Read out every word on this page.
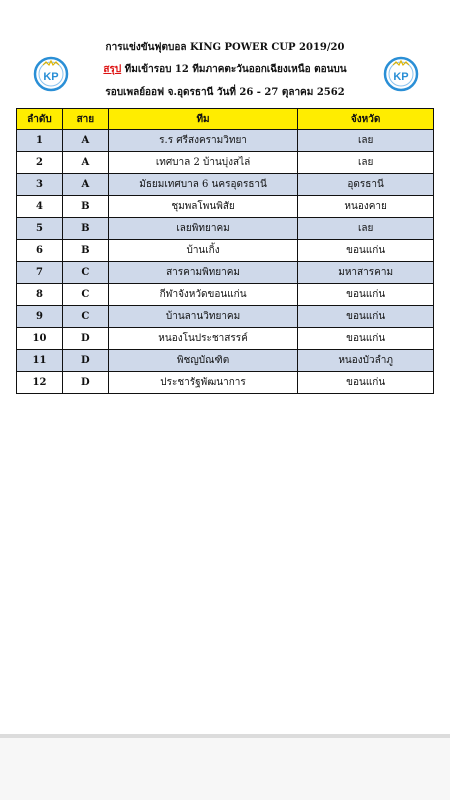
KP	KP
การแข่งขันฟุตบอล KING POWER CUP 2019/20
สรุป ทีมเข้ารอบ 12 ทีมภาคตะวันออกเฉียงเหนือ ตอนบน
รอบเพลย์ออฟ จ.อุดรธานี วันที่ 26 - 27 ตุลาคม 2562
ลำดับ	สาย	ทีม	จังหวัด
1	A	ร.ร ศรีสงครามวิทยา	เลย
2	A	เทศบาล 2 บ้านบุ่งสไล่	เลย
3	A	มัธยมเทศบาล 6 นครอุดรธานี	อุดรธานี
4	B	ชุมพลโพนพิสัย	หนองคาย
5	B	เลยพิทยาคม	เลย
6	B	บ้านเกิ้ง	ขอนแก่น
7	C	สารคามพิทยาคม	มหาสารคาม
8	C	กีฬาจังหวัดขอนแก่น	ขอนแก่น
9	C	บ้านลานวิทยาคม	ขอนแก่น
10	D	หนองโนประชาสรรค์	ขอนแก่น
11	D	พิชญบัณฑิต	หนองบัวลำภู
12	D	ประชารัฐพัฒนาการ	ขอนแก่น
